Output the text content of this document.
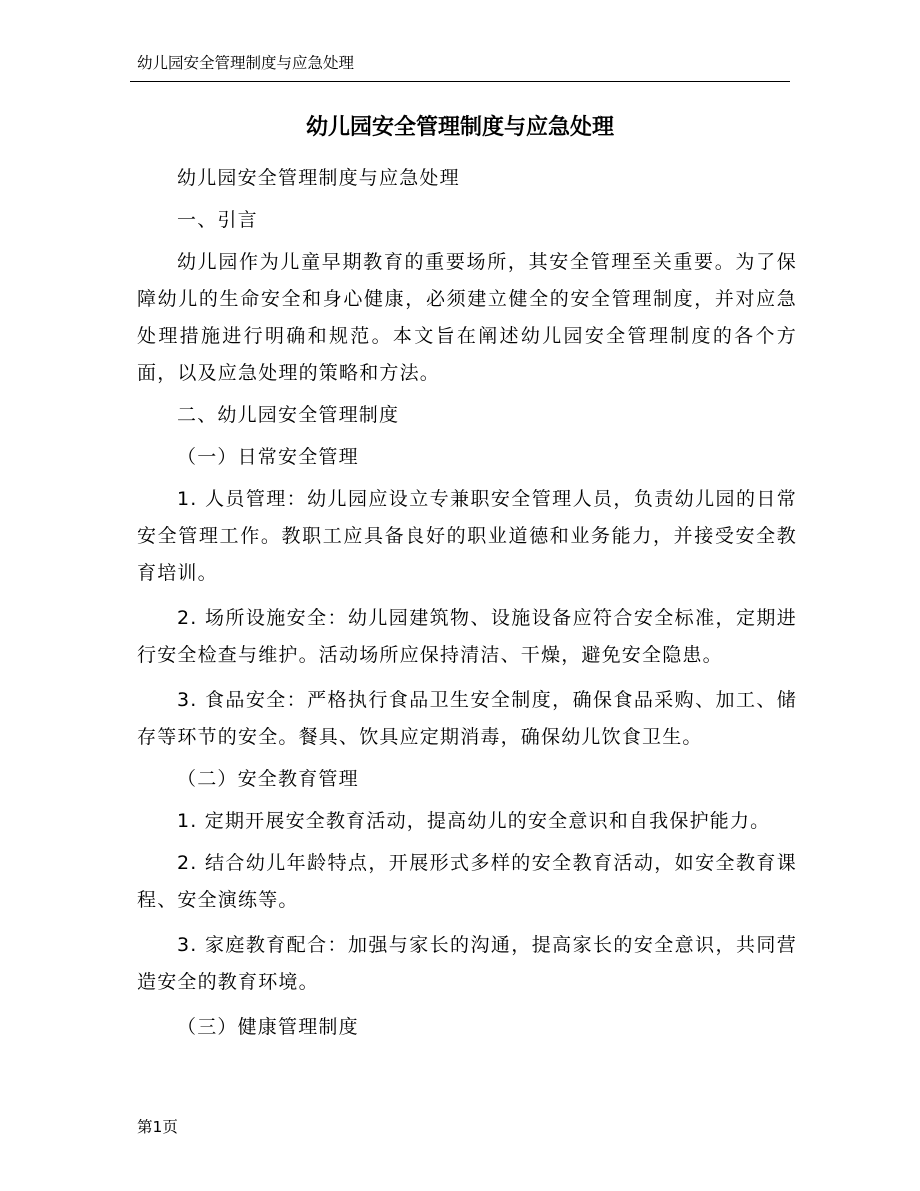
幼儿园安全管理制度与应急处理
幼儿园安全管理制度与应急处理

幼儿园安全管理制度与应急处理

一、引言

幼儿园作为儿童早期教育的重要场所，其安全管理至关重要。为了保障幼儿的生命安全和身心健康，必须建立健全的安全管理制度，并对应急处理措施进行明确和规范。本文旨在阐述幼儿园安全管理制度的各个方面，以及应急处理的策略和方法。

二、幼儿园安全管理制度

（一）日常安全管理

1. 人员管理：幼儿园应设立专兼职安全管理人员，负责幼儿园的日常安全管理工作。教职工应具备良好的职业道德和业务能力，并接受安全教育培训。

2. 场所设施安全：幼儿园建筑物、设施设备应符合安全标准，定期进行安全检查与维护。活动场所应保持清洁、干燥，避免安全隐患。

3. 食品安全：严格执行食品卫生安全制度，确保食品采购、加工、储存等环节的安全。餐具、饮具应定期消毒，确保幼儿饮食卫生。

（二）安全教育管理

1. 定期开展安全教育活动，提高幼儿的安全意识和自我保护能力。

2. 结合幼儿年龄特点，开展形式多样的安全教育活动，如安全教育课程、安全演练等。

3. 家庭教育配合：加强与家长的沟通，提高家长的安全意识，共同营造安全的教育环境。

（三）健康管理制度

第1页
